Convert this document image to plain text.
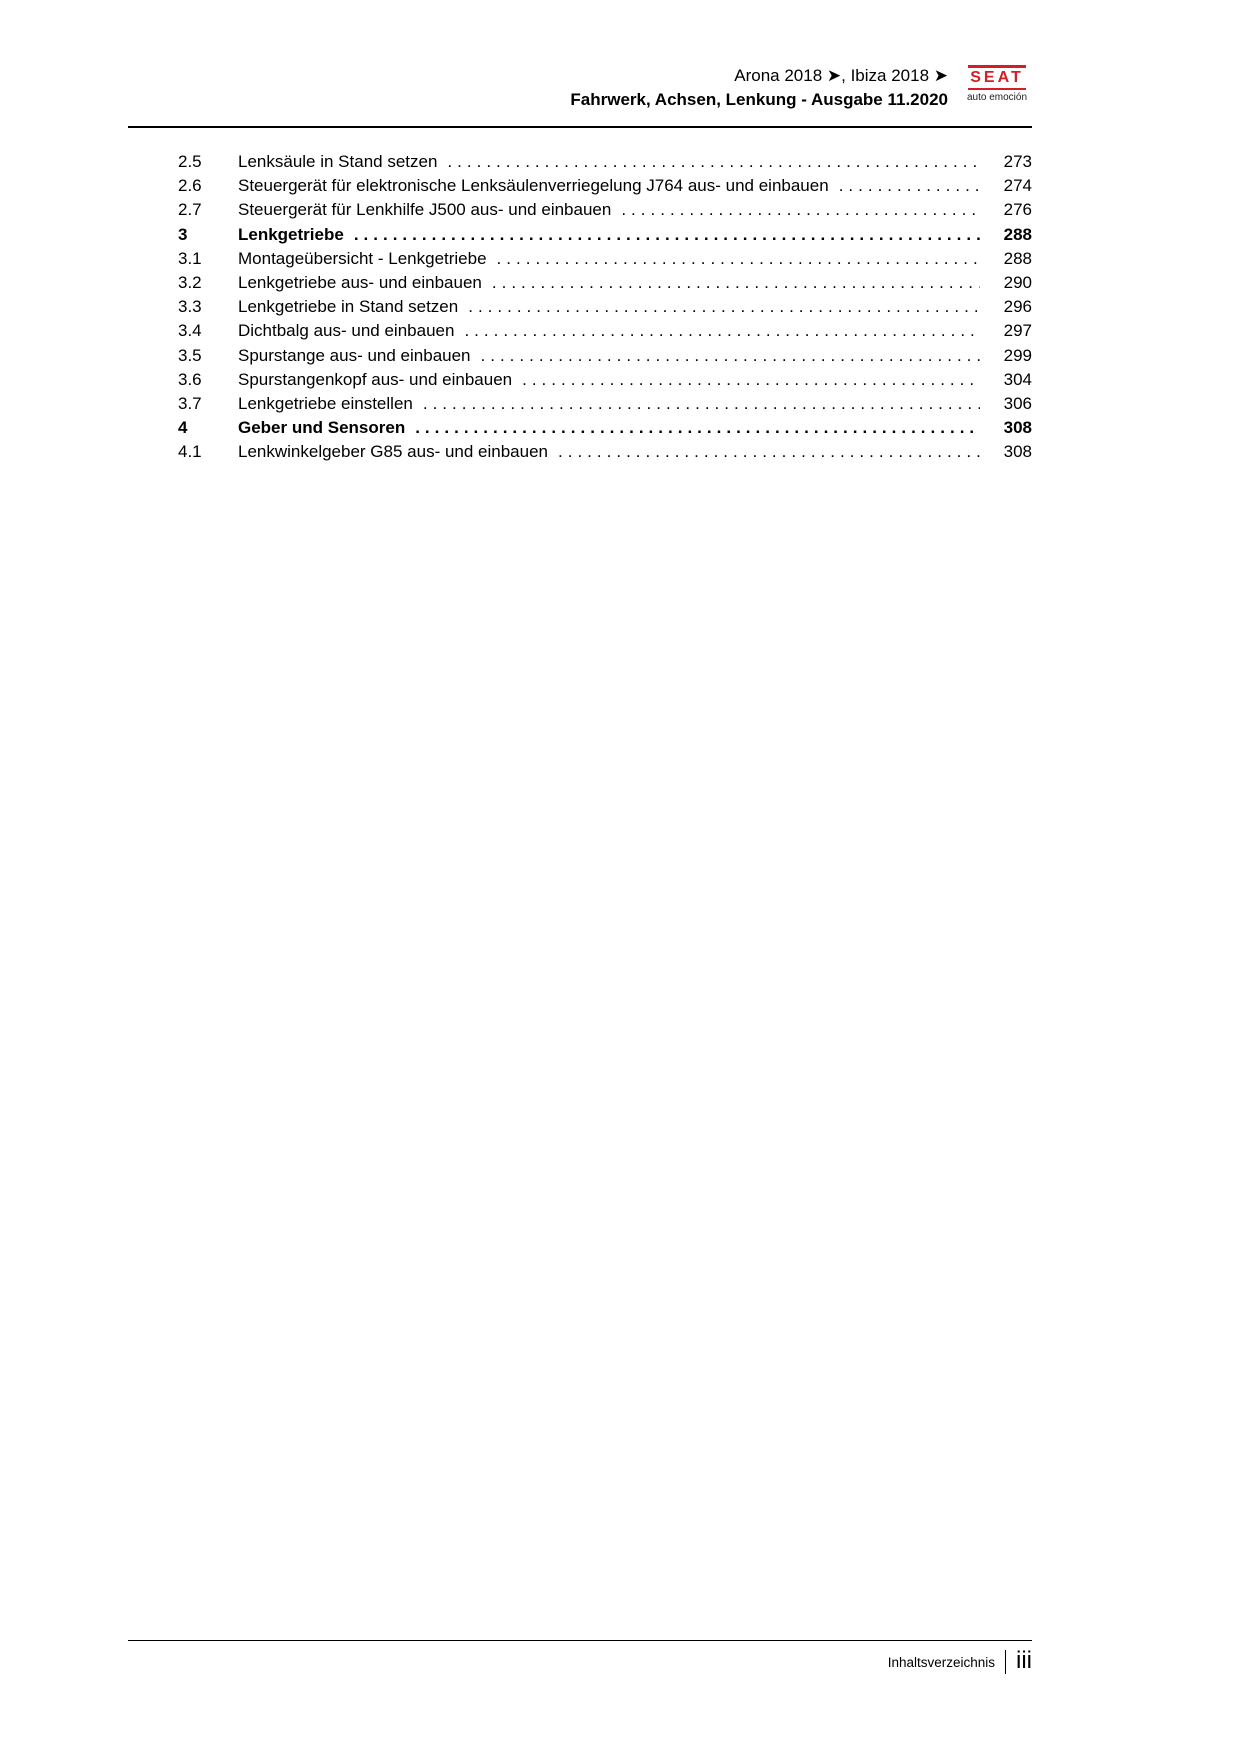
Arona 2018 ➤, Ibiza 2018 ➤
Fahrwerk, Achsen, Lenkung - Ausgabe 11.2020
SEAT
auto emoción
2.5	Lenksäule in Stand setzen .....	273
2.6	Steuergerät für elektronische Lenksäulenverriegelung J764 aus- und einbauen .....	274
2.7	Steuergerät für Lenkhilfe J500 aus- und einbauen .....	276
3	Lenkgetriebe .....	288
3.1	Montageübersicht - Lenkgetriebe .....	288
3.2	Lenkgetriebe aus- und einbauen .....	290
3.3	Lenkgetriebe in Stand setzen .....	296
3.4	Dichtbalg aus- und einbauen .....	297
3.5	Spurstange aus- und einbauen .....	299
3.6	Spurstangenkopf aus- und einbauen .....	304
3.7	Lenkgetriebe einstellen .....	306
4	Geber und Sensoren .....	308
4.1	Lenkwinkelgeber G85 aus- und einbauen .....	308
Inhaltsverzeichnis iii
